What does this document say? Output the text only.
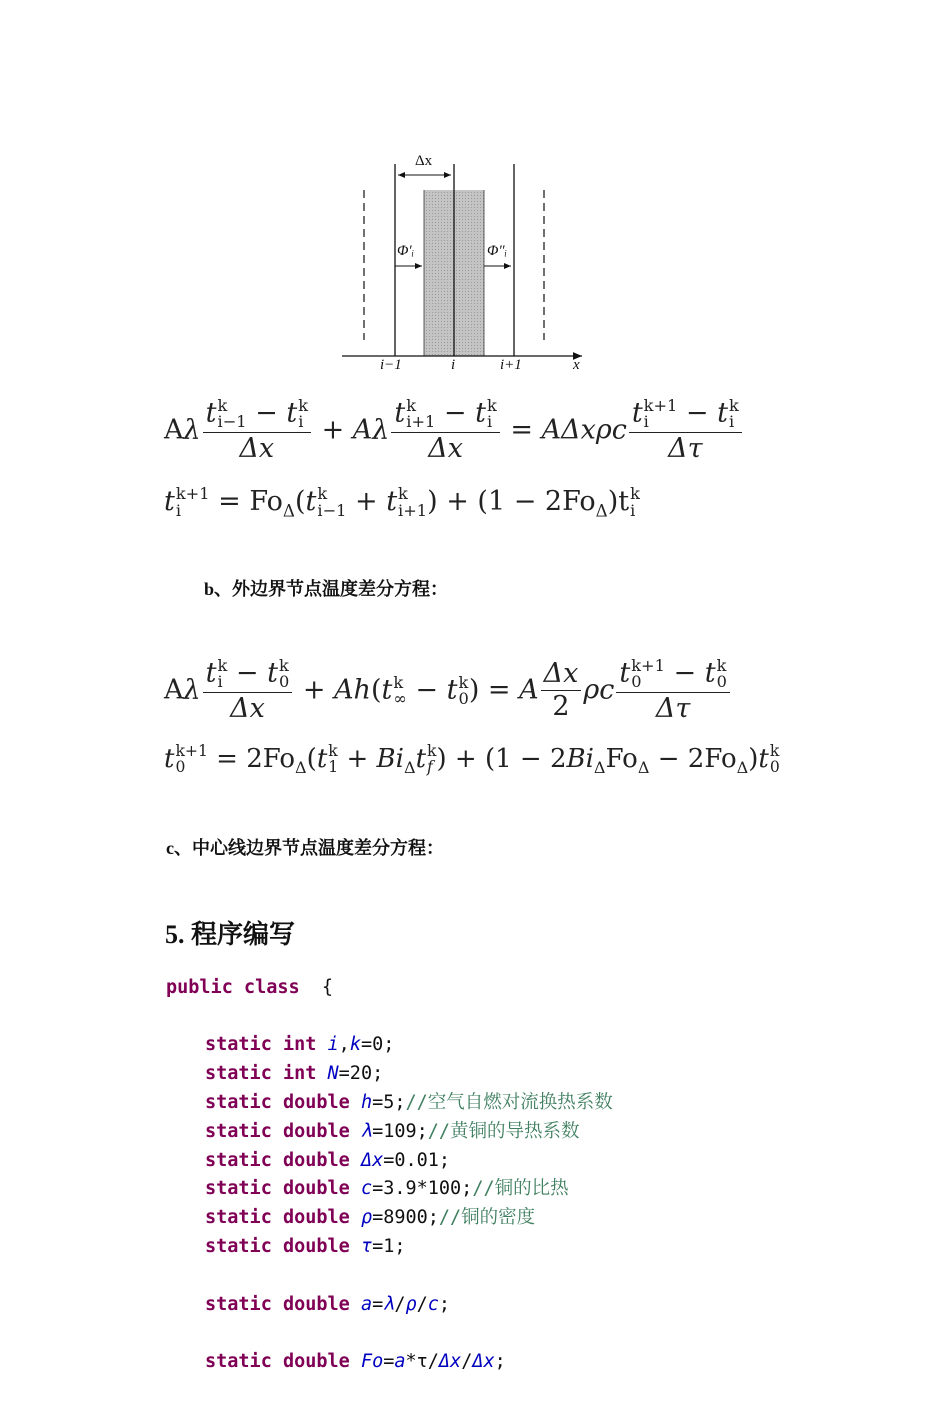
Δx
Φ′ᵢ	Φ″ᵢ
i−1	i	i+1	x
Aλ t k
i−1 − t k
i
Δx + Aλ t k
i+1 − t k
i
Δx = AΔxρc t k+1
i	− t k
i
Δτ
t k+1
i	= $Fo_\Delta(t$ k
i−1 + t k
i+1 ) + $(1 - 2Fo_\Delta)t$ k
i
b、外边界节点温度差分方程：
Aλ t k
i − t k
0
Δx + Ah(t k
∞ − t k
0 ) = A $\frac{\Delta x}{2}$ ρc t k+1
0 − t k
0
Δτ
t k+1
$0 = 2Fo_\Delta(t$ k
$1 + Bi_\Delta t$ k
f ) + $(1 - 2Bi_\Delta Fo_\Delta - 2Fo_\Delta)t$ k
0
c、中心线边界节点温度差分方程：
5. 程序编写

public class  {

static int i,k=0;
static int N=20;
static double h=5;//空气自燃对流换热系数
static double λ=109;//黄铜的导热系数
static double Δx=0.01;
static double c=3.9*100;//铜的比热
static double ρ=8900;//铜的密度
static double τ=1;

static double a=λ/ρ/c;

static double Fo=a*τ/Δx/Δx;
